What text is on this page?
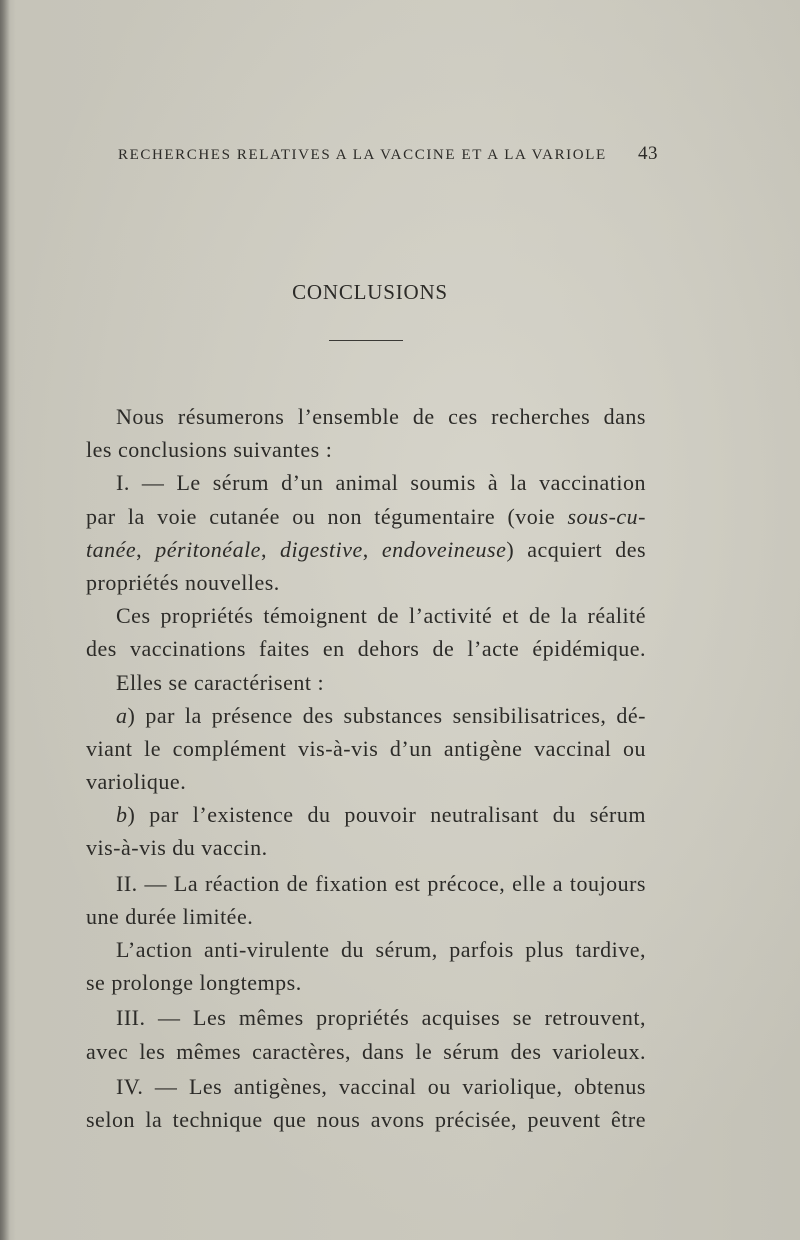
RECHERCHES RELATIVES A LA VACCINE ET A LA VARIOLE 43
CONCLUSIONS
Nous résumerons l’ensemble de ces recherches dans
les conclusions suivantes :
I. — Le sérum d’un animal soumis à la vaccination
par la voie cutanée ou non tégumentaire (voie sous-cu-
tanée, péritonéale, digestive, endoveineuse) acquiert des
propriétés nouvelles.
Ces propriétés témoignent de l’activité et de la réalité
des vaccinations faites en dehors de l’acte épidémique.
Elles se caractérisent :
a) par la présence des substances sensibilisatrices, dé-
viant le complément vis-à-vis d’un antigène vaccinal ou
variolique.
b) par l’existence du pouvoir neutralisant du sérum
vis-à-vis du vaccin.
II. — La réaction de fixation est précoce, elle a toujours
une durée limitée.
L’action anti-virulente du sérum, parfois plus tardive,
se prolonge longtemps.
III. — Les mêmes propriétés acquises se retrouvent,
avec les mêmes caractères, dans le sérum des varioleux.
IV. — Les antigènes, vaccinal ou variolique, obtenus
selon la technique que nous avons précisée, peuvent être
